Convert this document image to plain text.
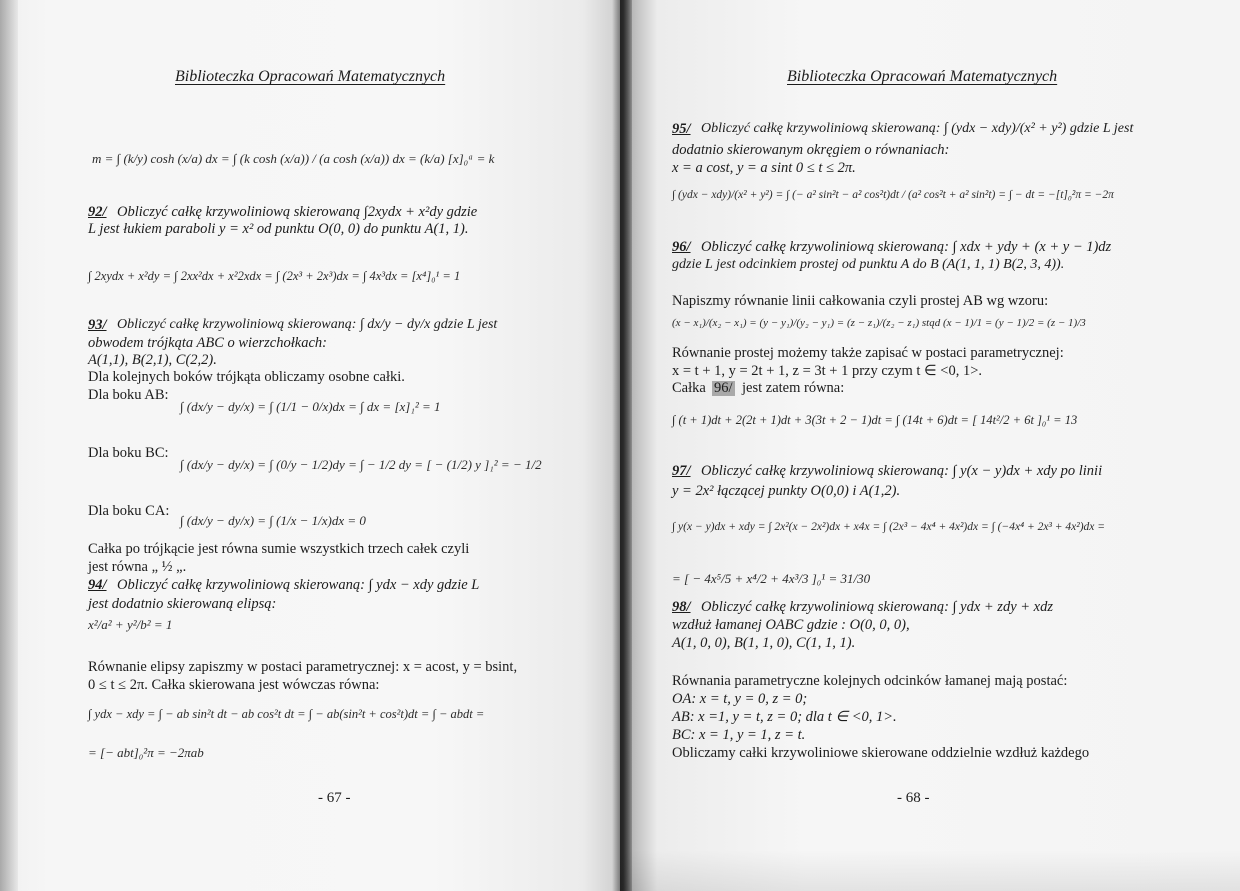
Biblioteczka Opracowań Matematycznych
m = ∫ (k/y) cosh (x/a) dx = ∫ (k cosh (x/a)) / (a cosh (x/a)) dx = (k/a) [x]₀ᵃ = k
92/ Obliczyć całkę krzywoliniową skierowaną ∫2xydx + x²dy gdzie
L jest łukiem paraboli y = x² od punktu O(0, 0) do punktu A(1, 1).
∫ 2xydx + x²dy = ∫ 2xx²dx + x²2xdx = ∫ (2x³ + 2x³)dx = ∫ 4x³dx = [x⁴]₀¹ = 1
93/ Obliczyć całkę krzywoliniową skierowaną: ∫ dx/y − dy/x gdzie L jest
obwodem trójkąta ABC o wierzchołkach:
A(1,1), B(2,1), C(2,2).
Dla kolejnych boków trójkąta obliczamy osobne całki.
Dla boku AB:
∫ (dx/y − dy/x) = ∫ (1/1 − 0/x)dx = ∫ dx = [x]₁² = 1
Dla boku BC:
∫ (dx/y − dy/x) = ∫ (0/y − 1/2)dy = ∫ − 1/2 dy = [ − (1/2) y ]₁² = − 1/2
Dla boku CA:
∫ (dx/y − dy/x) = ∫ (1/x − 1/x)dx = 0
Całka po trójkącie jest równa sumie wszystkich trzech całek czyli
jest równa „ ½ „.
94/ Obliczyć całkę krzywoliniową skierowaną: ∫ ydx − xdy gdzie L
jest dodatnio skierowaną elipsą:
x²/a² + y²/b² = 1
Równanie elipsy zapiszmy w postaci parametrycznej: x = acost, y = bsint,
0 ≤ t ≤ 2π. Całka skierowana jest wówczas równa:
∫ ydx − xdy = ∫ − ab sin²t dt − ab cos²t dt = ∫ − ab(sin²t + cos²t)dt = ∫ − abdt =
= [− abt]₀²π = −2πab
- 67 -
Biblioteczka Opracowań Matematycznych
95/ Obliczyć całkę krzywoliniową skierowaną: ∫ (ydx − xdy)/(x² + y²) gdzie L jest
dodatnio skierowanym okręgiem o równaniach:
x = a cost, y = a sint 0 ≤ t ≤ 2π.
∫ (ydx − xdy)/(x² + y²) = ∫ (− a² sin²t − a² cos²t)dt / (a² cos²t + a² sin²t) = ∫ − dt = −[t]₀²π = −2π
96/ Obliczyć całkę krzywoliniową skierowaną: ∫ xdx + ydy + (x + y − 1)dz
gdzie L jest odcinkiem prostej od punktu A do B (A(1, 1, 1) B(2, 3, 4)).
Napiszmy równanie linii całkowania czyli prostej AB wg wzoru:
(x − x₁)/(x₂ − x₁) = (y − y₁)/(y₂ − y₁) = (z − z₁)/(z₂ − z₁) stąd (x − 1)/1 = (y − 1)/2 = (z − 1)/3
Równanie prostej możemy także zapisać w postaci parametrycznej:
x = t + 1, y = 2t + 1, z = 3t + 1 przy czym t ∈ <0, 1>.
Całka 96/ jest zatem równa:
∫ (t + 1)dt + 2(2t + 1)dt + 3(3t + 2 − 1)dt = ∫ (14t + 6)dt = [ 14t²/2 + 6t ]₀¹ = 13
97/ Obliczyć całkę krzywoliniową skierowaną: ∫ y(x − y)dx + xdy po linii
y = 2x² łączącej punkty O(0,0) i A(1,2).
∫ y(x − y)dx + xdy = ∫ 2x²(x − 2x²)dx + x4x = ∫ (2x³ − 4x⁴ + 4x²)dx = ∫ (−4x⁴ + 2x³ + 4x²)dx =
= [ − 4x⁵/5 + x⁴/2 + 4x³/3 ]₀¹ = 31/30
98/ Obliczyć całkę krzywoliniową skierowaną: ∫ ydx + zdy + xdz
wzdłuż łamanej OABC gdzie : O(0, 0, 0),
A(1, 0, 0), B(1, 1, 0), C(1, 1, 1).
Równania parametryczne kolejnych odcinków łamanej mają postać:
OA: x = t, y = 0, z = 0;
AB: x =1, y = t, z = 0; dla t ∈ <0, 1>.
BC: x = 1, y = 1, z = t.
Obliczamy całki krzywoliniowe skierowane oddzielnie wzdłuż każdego
- 68 -
